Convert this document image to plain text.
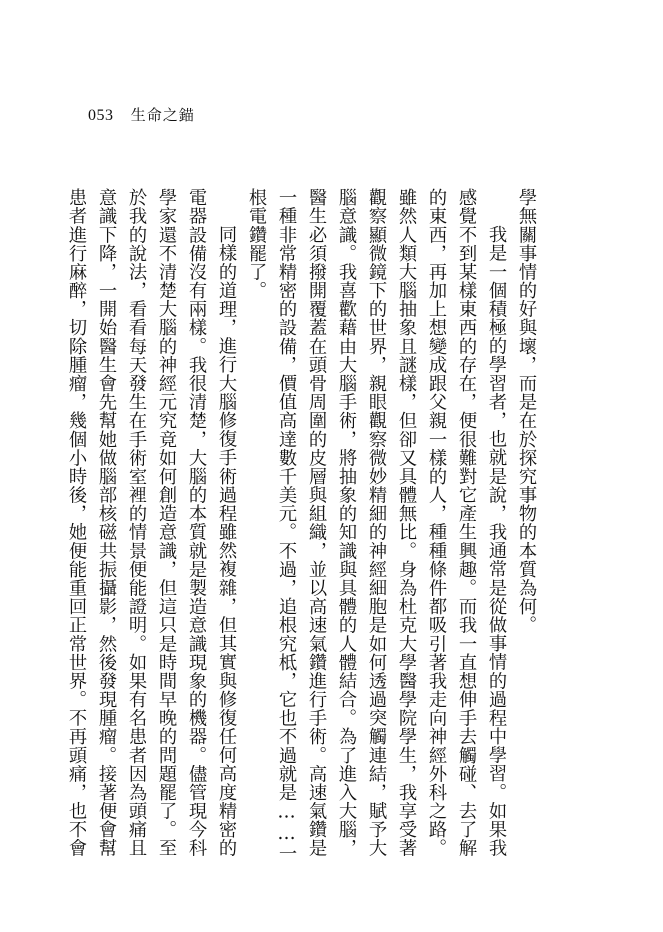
053 生命之錨
學無關事情的好與壞，而是在於探究事物的本質為何。
我是一個積極的學習者，也就是說，我通常是從做事情的過程中學習。如果我
感覺不到某樣東西的存在，便很難對它產生興趣。而我一直想伸手去觸碰、去了解
的東西，再加上想變成跟父親一樣的人，種種條件都吸引著我走向神經外科之路。
雖然人類大腦抽象且謎樣，但卻又具體無比。身為杜克大學醫學院學生，我享受著
觀察顯微鏡下的世界，親眼觀察微妙精細的神經細胞是如何透過突觸連結，賦予大
腦意識。我喜歡藉由大腦手術，將抽象的知識與具體的人體結合。為了進入大腦，
醫生必須撥開覆蓋在頭骨周圍的皮層與組織，並以高速氣鑽進行手術。高速氣鑽是
一種非常精密的設備，價值高達數千美元。不過，追根究柢，它也不過就是……一
根電鑽罷了。
同樣的道理，進行大腦修復手術過程雖然複雜，但其實與修復任何高度精密的
電器設備沒有兩樣。我很清楚，大腦的本質就是製造意識現象的機器。儘管現今科
學家還不清楚大腦的神經元究竟如何創造意識，但這只是時間早晚的問題罷了。至
於我的說法，看看每天發生在手術室裡的情景便能證明。如果有名患者因為頭痛且
意識下降，一開始醫生會先幫她做腦部核磁共振攝影，然後發現腫瘤。接著便會幫
患者進行麻醉，切除腫瘤，幾個小時後，她便能重回正常世界。不再頭痛，也不會
